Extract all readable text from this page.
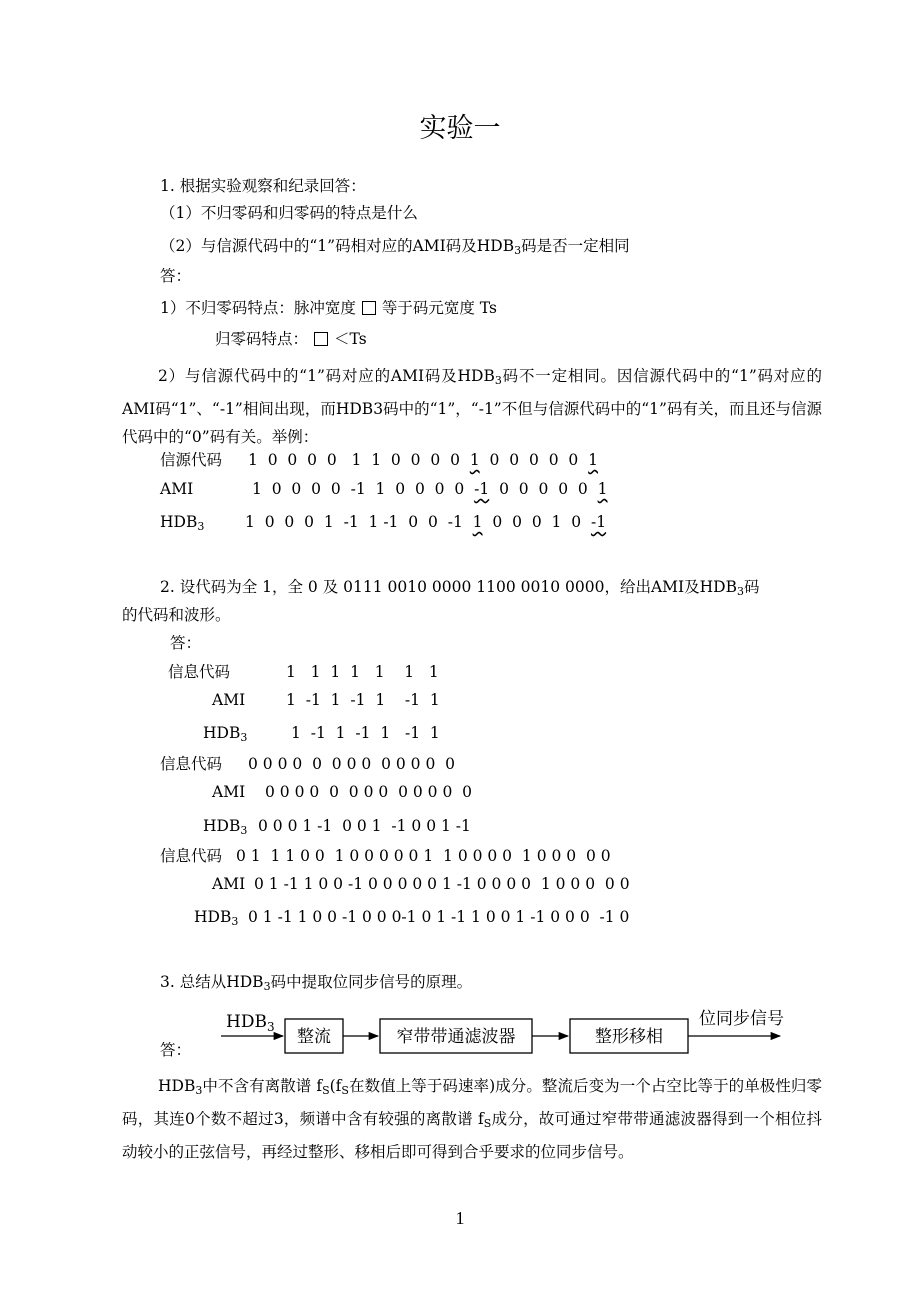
实验一
1. 根据实验观察和纪录回答：
（1）不归零码和归零码的特点是什么
（2）与信源代码中的“1”码相对应的AMI码及$HDB_3$码是否一定相同
答：
1）不归零码特点：脉冲宽度 等于码元宽度 Ts
归零码特点： ＜Ts
2）与信源代码中的“1”码对应的AMI码及$HDB_3$码不一定相同。因信源代码中的“1”码对应的AMI码“1”、“-1”相间出现，而HDB3码中的“1”，“-1”不但与信源代码中的“1”码有关，而且还与信源代码中的“0”码有关。举例：
信源代码 1  0  0  0  0   1  1  0  0  0  0  1  0  0  0  0  0  1
AMI	1  0  0  0  0  -1  1  0  0  0  0  -1  0  0  0  0  0  1
$HDB_3$	1  0  0  0  1  -1  1 -1  0  0  -1  1  0  0  0  1  0  -1
2. 设代码为全 1，全 0 及 0111 0010 0000 1100 0010 0000，给出AMI及$HDB_3$码
的代码和波形。
答：
信息代码	1   1  1  1   1    1   1
AMI	1  -1  1  -1  1    -1  1
$HDB_3$	1  -1  1  -1  1   -1  1
信息代码 0 0 0 0  0  0 0 0  0 0 0 0  0
AMI 0 0 0 0  0  0 0 0  0 0 0 0  0
$HDB_3$ 0 0 0 1 -1  0 0 1  -1 0 0 1 -1
信息代码 0 1  1 1 0 0  1 0 0 0 0 0 1  1 0 0 0 0  1 0 0 0  0 0
AMI 0 1 -1 1 0 0 -1 0 0 0 0 0 1 -1 0 0 0 0  1 0 0 0  0 0
$HDB_3$ 0 1 -1 1 0 0 -1 0 0 0-1 0 1 -1 1 0 0 1 -1 0 0 0  -1 0
3. 总结从$HDB_3$码中提取位同步信号的原理。
答：
$HDB_3$ 整流	窄带带通滤波器	整形移相
位同步信号
$HDB_3$中不含有离散谱 $f_S(f_S$在数值上等于码速率)成分。整流后变为一个占空比等于的单极性归零码，其连0个数不超过3，频谱中含有较强的离散谱 $f_S$成分，故可通过窄带带通滤波器得到一个相位抖动较小的正弦信号，再经过整形、移相后即可得到合乎要求的位同步信号。
1
